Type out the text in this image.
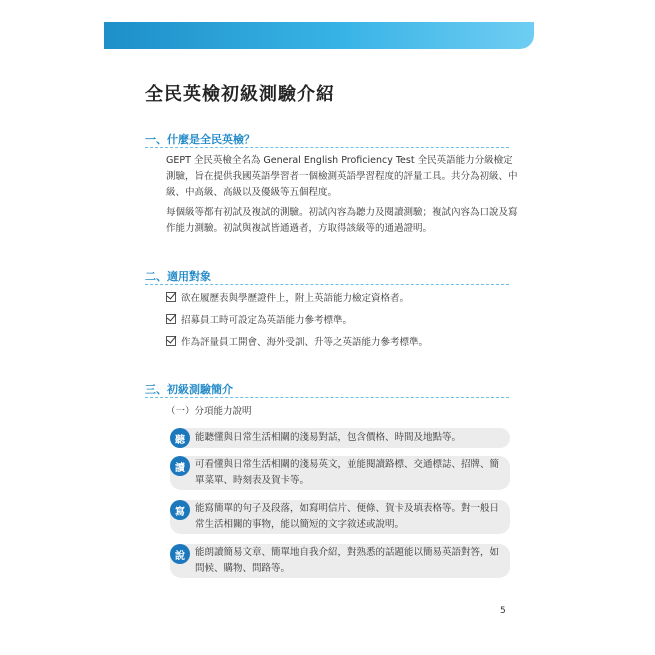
全民英檢初級測驗介紹
一、什麼是全民英檢？

GEPT 全民英檢全名為 General English Proficiency Test 全民英語能力分級檢定測驗，旨在提供我國英語學習者一個檢測英語學習程度的評量工具。共分為初級、中級、中高級、高級以及優級等五個程度。

每個級等都有初試及複試的測驗。初試內容為聽力及閱讀測驗；複試內容為口說及寫作能力測驗。初試與複試皆通過者，方取得該級等的通過證明。

二、適用對象
欲在履歷表與學歷證件上，附上英語能力檢定資格者。
招募員工時可設定為英語能力參考標準。
作為評量員工開會、海外受訓、升等之英語能力參考標準。
三、初級測驗簡介
（一）分項能力說明
聽	能聽懂與日常生活相關的淺易對話，包含價格、時間及地點等。
讀	可看懂與日常生活相關的淺易英文，並能閱讀路標、交通標誌、招牌、簡單菜單、時刻表及賀卡等。
寫	能寫簡單的句子及段落，如寫明信片、便條、賀卡及填表格等。對一般日常生活相關的事物，能以簡短的文字敘述或說明。
說	能朗讀簡易文章、簡單地自我介紹，對熟悉的話題能以簡易英語對答，如問候、購物、問路等。
5
